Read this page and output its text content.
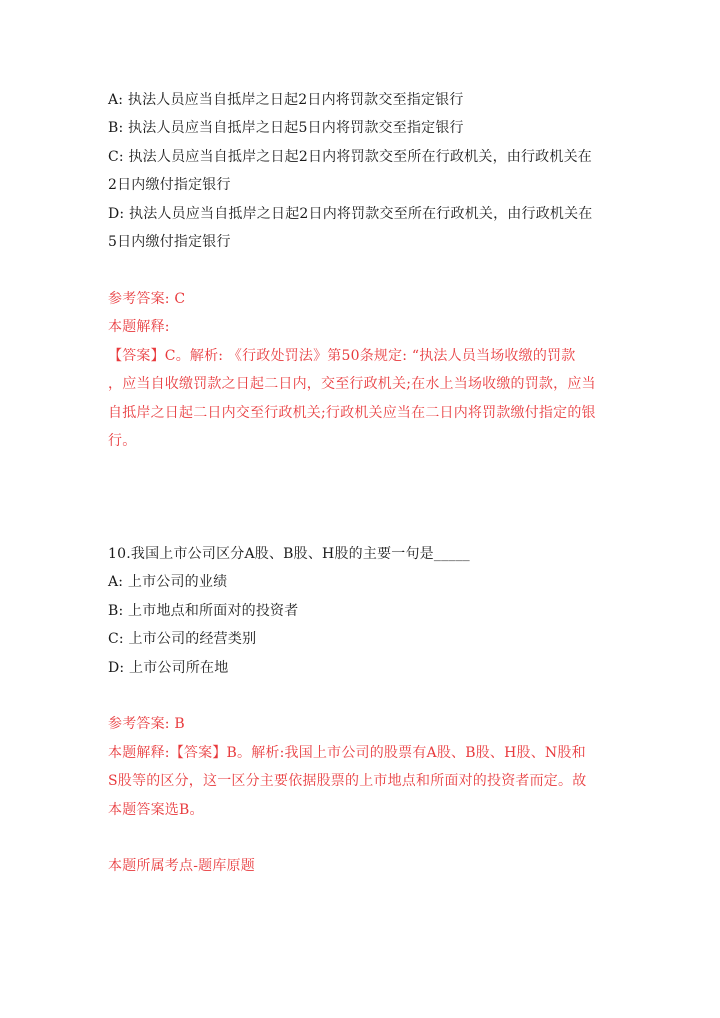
A: 执法人员应当自抵岸之日起2日内将罚款交至指定银行
B: 执法人员应当自抵岸之日起5日内将罚款交至指定银行
C: 执法人员应当自抵岸之日起2日内将罚款交至所在行政机关，由行政机关在
2日内缴付指定银行
D: 执法人员应当自抵岸之日起2日内将罚款交至所在行政机关，由行政机关在
5日内缴付指定银行
参考答案: C
本题解释:
【答案】C。解析: 《行政处罚法》第50条规定: “执法人员当场收缴的罚款
，应当自收缴罚款之日起二日内，交至行政机关;在水上当场收缴的罚款，应当
自抵岸之日起二日内交至行政机关;行政机关应当在二日内将罚款缴付指定的银
行。
10.我国上市公司区分A股、B股、H股的主要一句是_____
A: 上市公司的业绩
B: 上市地点和所面对的投资者
C: 上市公司的经营类别
D: 上市公司所在地
参考答案: B
本题解释:【答案】B。解析:我国上市公司的股票有A股、B股、H股、N股和
S股等的区分，这一区分主要依据股票的上市地点和所面对的投资者而定。故
本题答案选B。
本题所属考点-题库原题
